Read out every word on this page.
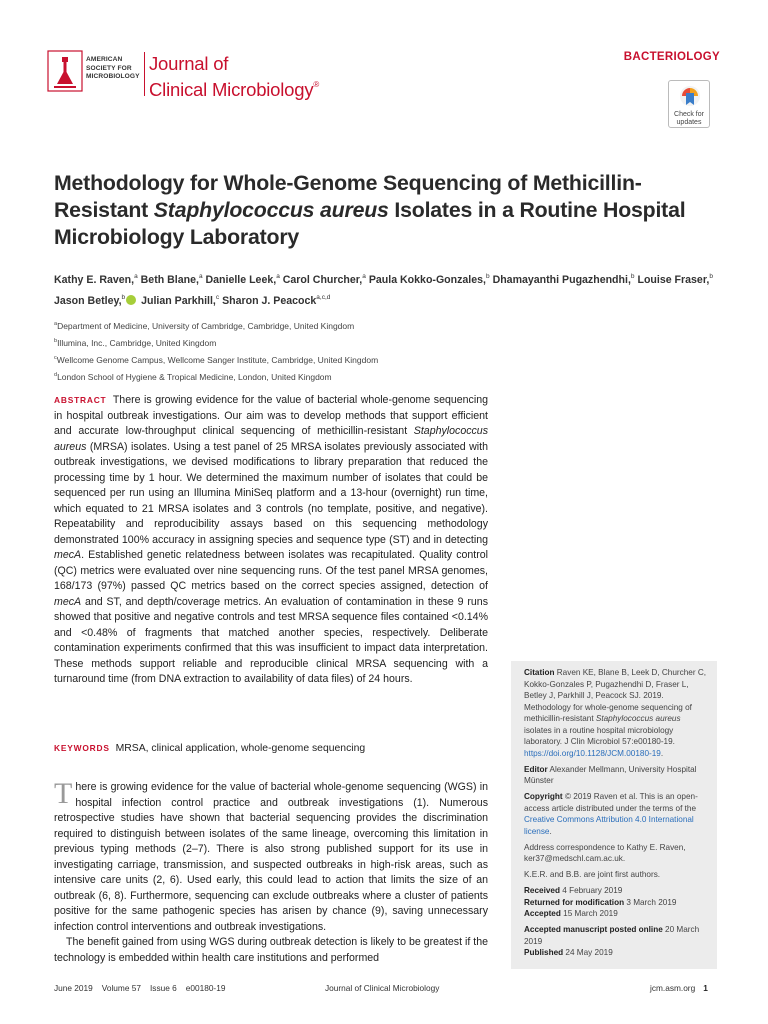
AMERICAN
SOCIETY FOR
MICROBIOLOGY
Journal of
Clinical Microbiology®
BACTERIOLOGY
Check for
updates
Methodology for Whole-Genome Sequencing of Methicillin-Resistant Staphylococcus aureus Isolates in a Routine Hospital Microbiology Laboratory
Kathy E. Raven,$^a$ Beth Blane,$^a$ Danielle Leek,$^a$ Carol Churcher,$^a$ Paula Kokko-Gonzales,$^b$ Dhamayanthi Pugazhendhi,$^b$ Louise Fraser,$^b$ Jason Betley,$^b$ Julian Parkhill,$^c$ Sharon J. Peacock$^{a,c,d}$
$^a$Department of Medicine, University of Cambridge, Cambridge, United Kingdom
$^b$Illumina, Inc., Cambridge, United Kingdom
$^c$Wellcome Genome Campus, Wellcome Sanger Institute, Cambridge, United Kingdom
$^d$London School of Hygiene & Tropical Medicine, London, United Kingdom
ABSTRACT There is growing evidence for the value of bacterial whole-genome sequencing in hospital outbreak investigations. Our aim was to develop methods that support efficient and accurate low-throughput clinical sequencing of methicillin-resistant Staphylococcus aureus (MRSA) isolates. Using a test panel of 25 MRSA isolates previously associated with outbreak investigations, we devised modifications to library preparation that reduced the processing time by 1 hour. We determined the maximum number of isolates that could be sequenced per run using an Illumina MiniSeq platform and a 13-hour (overnight) run time, which equated to 21 MRSA isolates and 3 controls (no template, positive, and negative). Repeatability and reproducibility assays based on this sequencing methodology demonstrated 100% accuracy in assigning species and sequence type (ST) and in detecting mecA. Established genetic relatedness between isolates was recapitulated. Quality control (QC) metrics were evaluated over nine sequencing runs. Of the test panel MRSA genomes, 168/173 (97%) passed QC metrics based on the correct species assigned, detection of mecA and ST, and depth/coverage metrics. An evaluation of contamination in these 9 runs showed that positive and negative controls and test MRSA sequence files contained <0.14% and <0.48% of fragments that matched another species, respectively. Deliberate contamination experiments confirmed that this was insufficient to impact data interpretation. These methods support reliable and reproducible clinical MRSA sequencing with a turnaround time (from DNA extraction to availability of data files) of 24 hours.
KEYWORDS MRSA, clinical application, whole-genome sequencing

There is growing evidence for the value of bacterial whole-genome sequencing (WGS) in hospital infection control practice and outbreak investigations (1). Numerous retrospective studies have shown that bacterial sequencing provides the discrimination required to distinguish between isolates of the same lineage, overcoming this limitation in previous typing methods (2–7). There is also strong published support for its use in investigating carriage, transmission, and suspected outbreaks in high-risk areas, such as intensive care units (2, 6). Used early, this could lead to action that limits the size of an outbreak (6, 8). Furthermore, sequencing can exclude outbreaks where a cluster of patients positive for the same pathogenic species has arisen by chance (9), saving unnecessary infection control interventions and outbreak investigations.

The benefit gained from using WGS during outbreak detection is likely to be greatest if the technology is embedded within health care institutions and performed

Citation Raven KE, Blane B, Leek D, Churcher C, Kokko-Gonzales P, Pugazhendhi D, Fraser L, Betley J, Parkhill J, Peacock SJ. 2019. Methodology for whole-genome sequencing of methicillin-resistant Staphylococcus aureus isolates in a routine hospital microbiology laboratory. J Clin Microbiol 57:e00180-19. https://doi.org/10.1128/JCM.00180-19.

Editor Alexander Mellmann, University Hospital Münster

Copyright © 2019 Raven et al. This is an open-access article distributed under the terms of the Creative Commons Attribution 4.0 International license.

Address correspondence to Kathy E. Raven, ker37@medschl.cam.ac.uk.

K.E.R. and B.B. are joint first authors.

Received 4 February 2019

Returned for modification 3 March 2019

Accepted 15 March 2019

Accepted manuscript posted online 20 March 2019

Published 24 May 2019

June 2019 Volume 57 Issue 6 e00180-19	Journal of Clinical Microbiology	jcm.asm.org 1
